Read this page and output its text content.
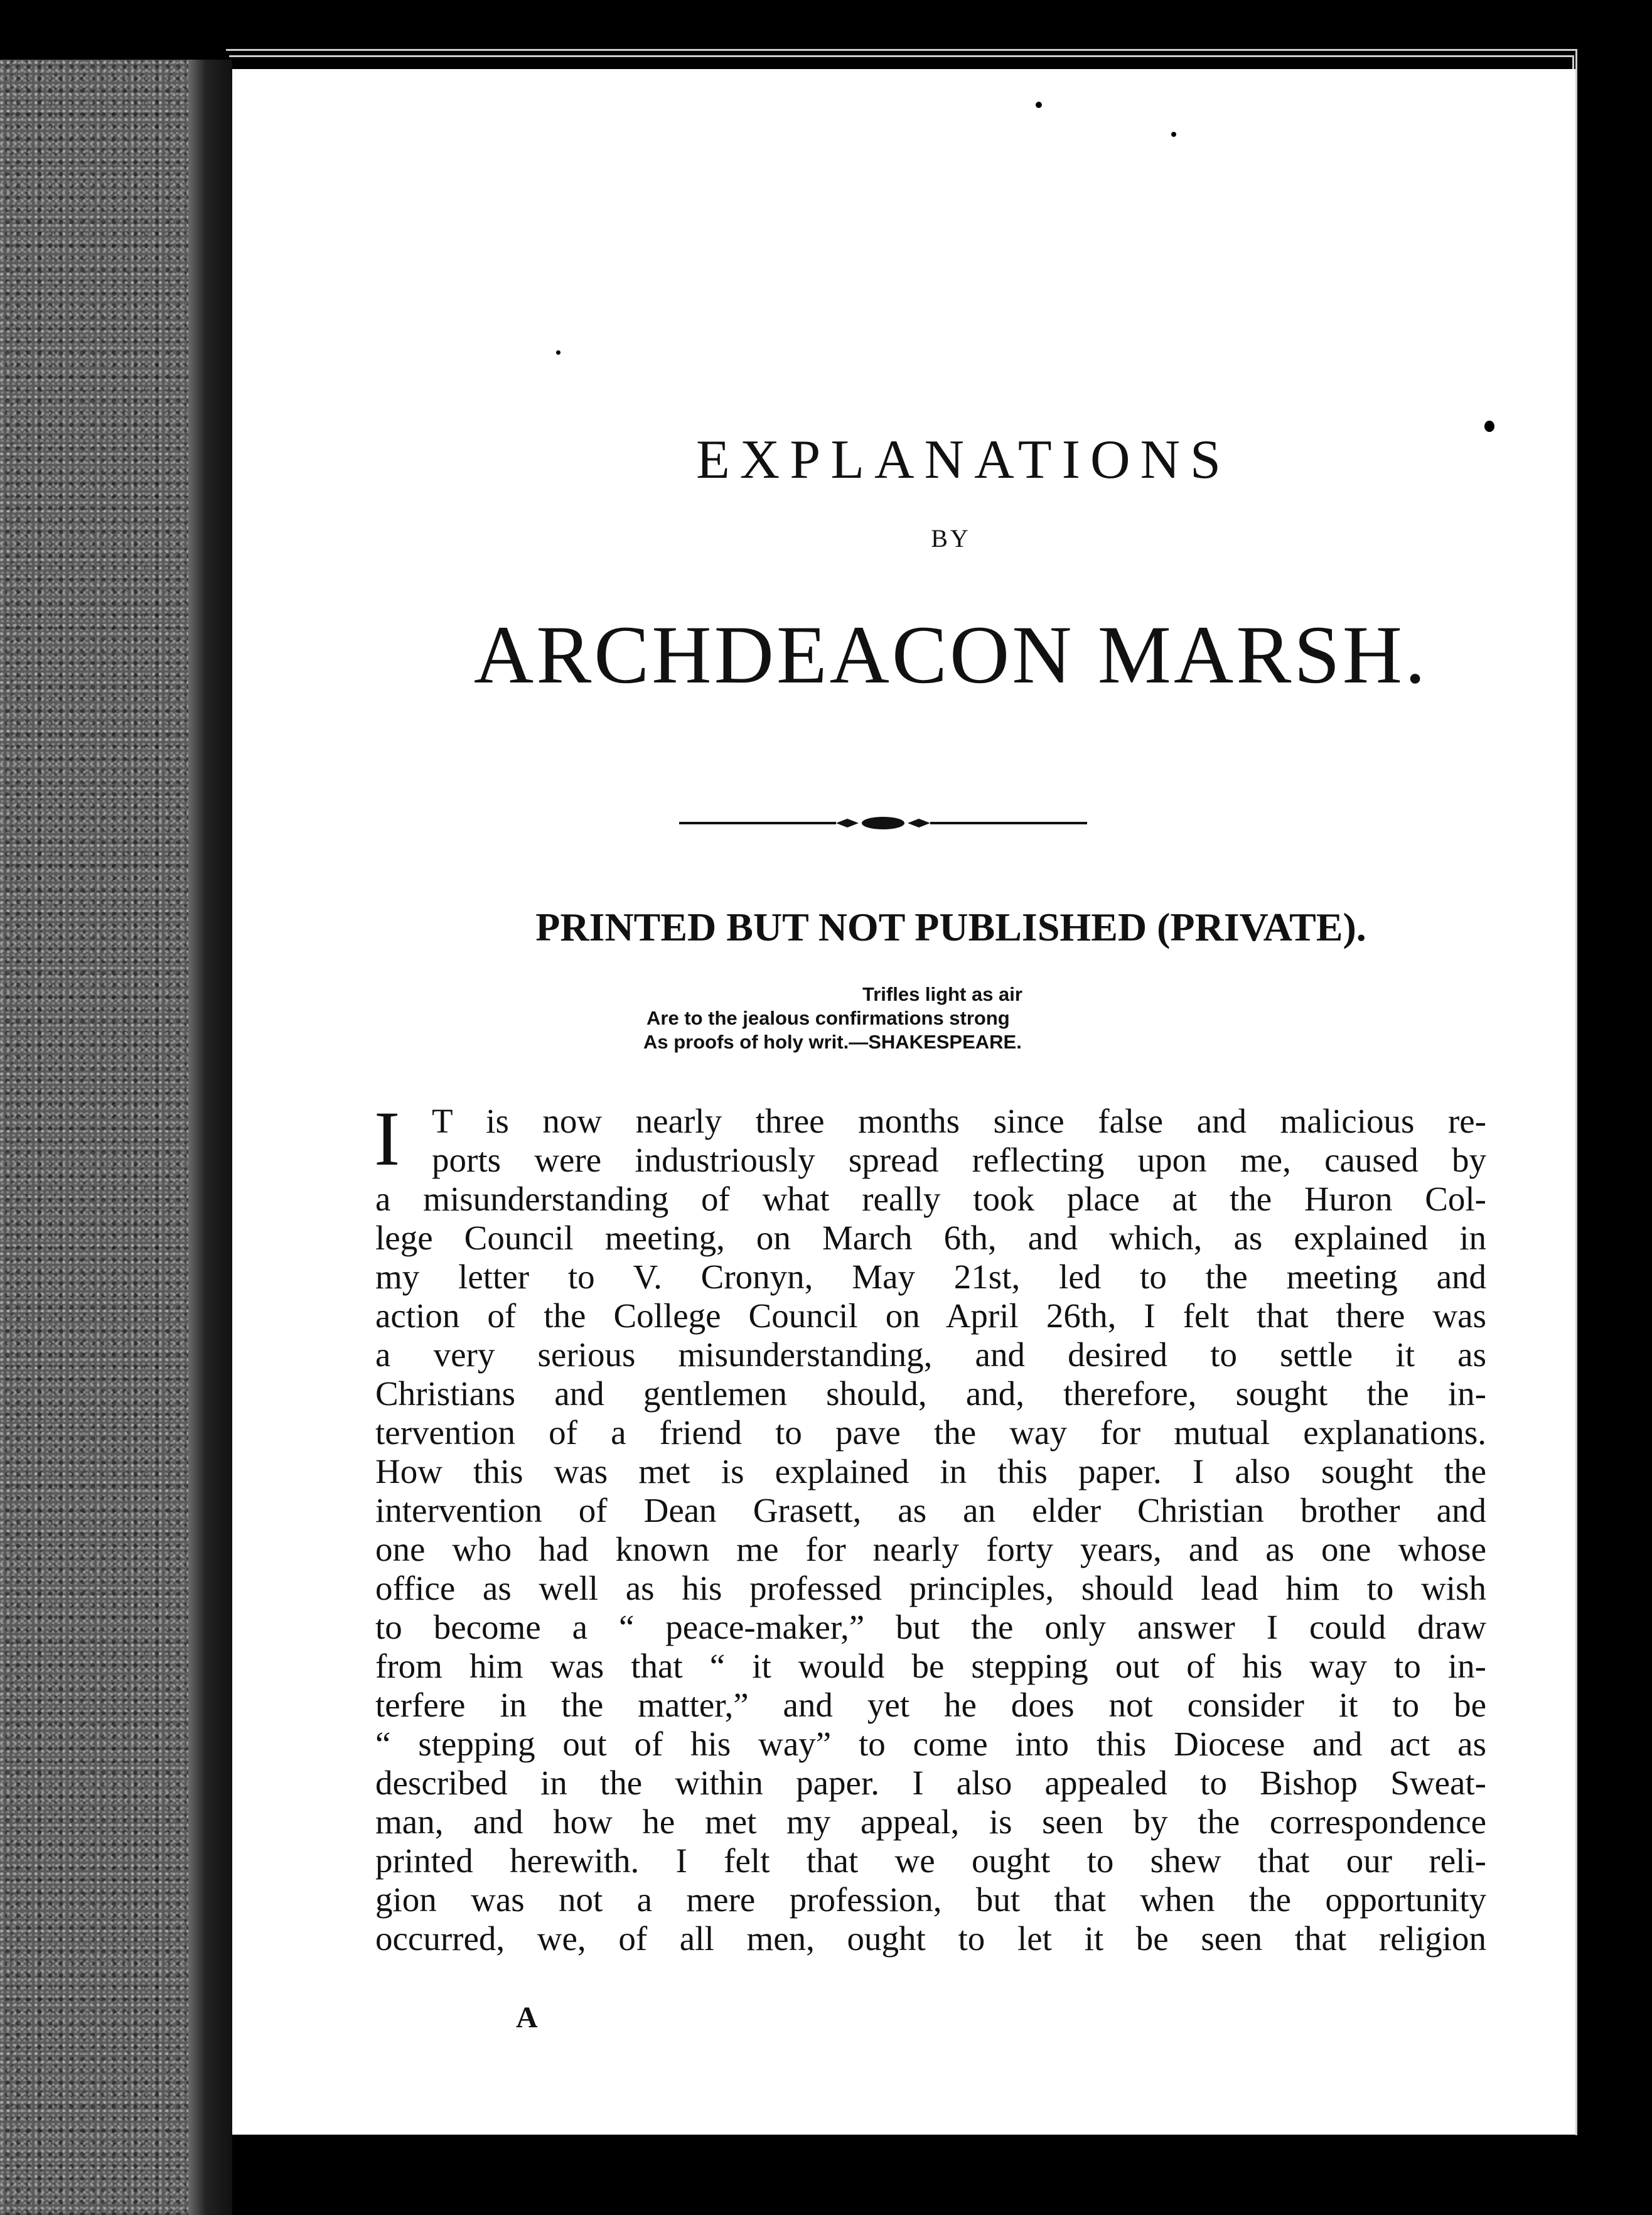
EXPLANATIONS
BY
ARCHDEACON MARSH.
PRINTED BUT NOT PUBLISHED (PRIVATE).
Trifles light as air
Are to the jealous confirmations strong
As proofs of holy writ.—SHAKESPEARE.
I T is now nearly three months since false and malicious re-
ports were industriously spread reflecting upon me, caused by
a misunderstanding of what really took place at the Huron Col-
lege Council meeting, on March 6th, and which, as explained in
my letter to V. Cronyn, May 21st, led to the meeting and
action of the College Council on April 26th, I felt that there was
a very serious misunderstanding, and desired to settle it as
Christians and gentlemen should, and, therefore, sought the in-
tervention of a friend to pave the way for mutual explanations.
How this was met is explained in this paper. I also sought the
intervention of Dean Grasett, as an elder Christian brother and
one who had known me for nearly forty years, and as one whose
office as well as his professed principles, should lead him to wish
to become a “ peace-maker,” but the only answer I could draw
from him was that “ it would be stepping out of his way to in-
terfere in the matter,” and yet he does not consider it to be
“ stepping out of his way” to come into this Diocese and act as
described in the within paper. I also appealed to Bishop Sweat-
man, and how he met my appeal, is seen by the correspondence
printed herewith. I felt that we ought to shew that our reli-
gion was not a mere profession, but that when the opportunity
occurred, we, of all men, ought to let it be seen that religion
A
